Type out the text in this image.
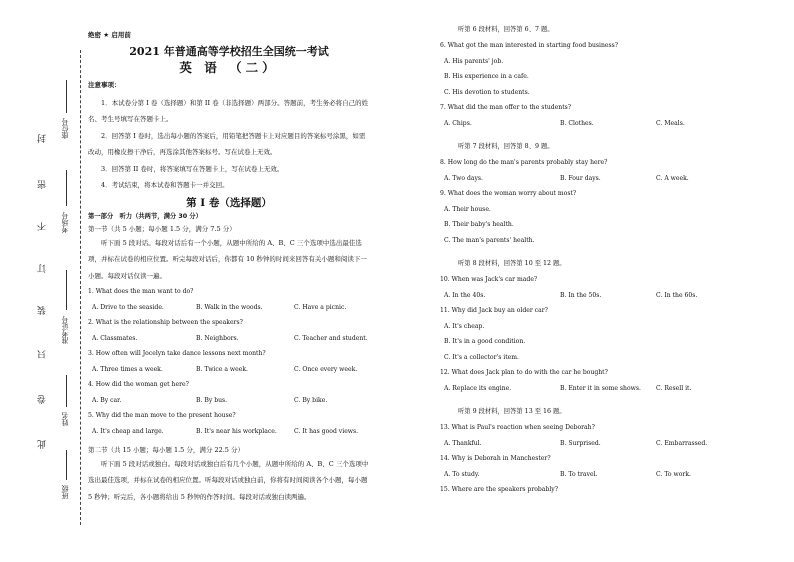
封
密
不
订
装
只
卷
此
班级
姓名
准考证号
考场号
座位号
绝密 ★ 启用前
2021 年普通高等学校招生全国统一考试
英 语 （二）
注意事项：
1．本试卷分第 I 卷（选择题）和第 II 卷（非选择题）两部分。答题前，考生务必将自己的姓名、考生号填写在答题卡上。
2．回答第 I 卷时，选出每小题的答案后，用铅笔把答题卡上对应题目的答案标号涂黑，如需改动，用橡皮擦干净后，再选涂其他答案标号。写在试卷上无效。
3．回答第 II 卷时，将答案填写在答题卡上，写在试卷上无效。
4．考试结束，将本试卷和答题卡一并交回。
第 I 卷（选择题）
第一部分　听力（共两节，满分 30 分）
第一节（共 5 小题；每小题 1.5 分，满分 7.5 分）
听下面 5 段对话。每段对话后有一个小题，从题中所给的 A、B、C 三个选项中选出最佳选项，并标在试卷的相应位置。听完每段对话后，你都有 10 秒钟的时间来回答有关小题和阅读下一小题。每段对话仅读一遍。
1. What does the man want to do?
A. Drive to the seaside.	B. Walk in the woods.	C. Have a picnic.
2. What is the relationship between the speakers?
A. Classmates.	B. Neighbors.	C. Teacher and student.
3. How often will Jocelyn take dance lessons next month?
A. Three times a week.	B. Twice a week.	C. Once every week.
4. How did the woman get here?
A. By car.	B. By bus.	C. By bike.
5. Why did the man move to the present house?
A. It's cheap and large.	B. It's near his workplace.	C. It has good views.
第二节（共 15 小题；每小题 1.5 分，满分 22.5 分）
听下面 5 段对话或独白。每段对话或独白后有几个小题，从题中所给的 A、B、C 三个选项中选出最佳选项，并标在试卷的相应位置。听每段对话或独白前，你将有时间阅读各个小题，每小题 5 秒钟；听完后，各小题将给出 5 秒钟的作答时间。每段对话或独白读两遍。
听第 6 段材料，回答第 6、7 题。
6. What got the man interested in starting food business?
A. His parents' job.
B. His experience in a cafe.
C. His devotion to students.
7. What did the man offer to the students?
A. Chips.	B. Clothes.	C. Meals.
听第 7 段材料，回答第 8、9 题。
8. How long do the man's parents probably stay here?
A. Two days.	B. Four days.	C. A week.
9. What does the woman worry about most?
A. Their house.
B. Their baby's health.
C. The man's parents' health.
听第 8 段材料，回答第 10 至 12 题。
10. When was Jack's car made?
A. In the 40s.	B. In the 50s.	C. In the 60s.
11. Why did Jack buy an older car?
A. It's cheap.
B. It's in a good condition.
C. It's a collector's item.
12. What does Jack plan to do with the car he bought?
A. Replace its engine.	B. Enter it in some shows. C. Resell it.
听第 9 段材料，回答第 13 至 16 题。
13. What is Paul's reaction when seeing Deborah?
A. Thankful.	B. Surprised.	C. Embarrassed.
14. Why is Deborah in Manchester?
A. To study.	B. To travel.	C. To work.
15. Where are the speakers probably?
